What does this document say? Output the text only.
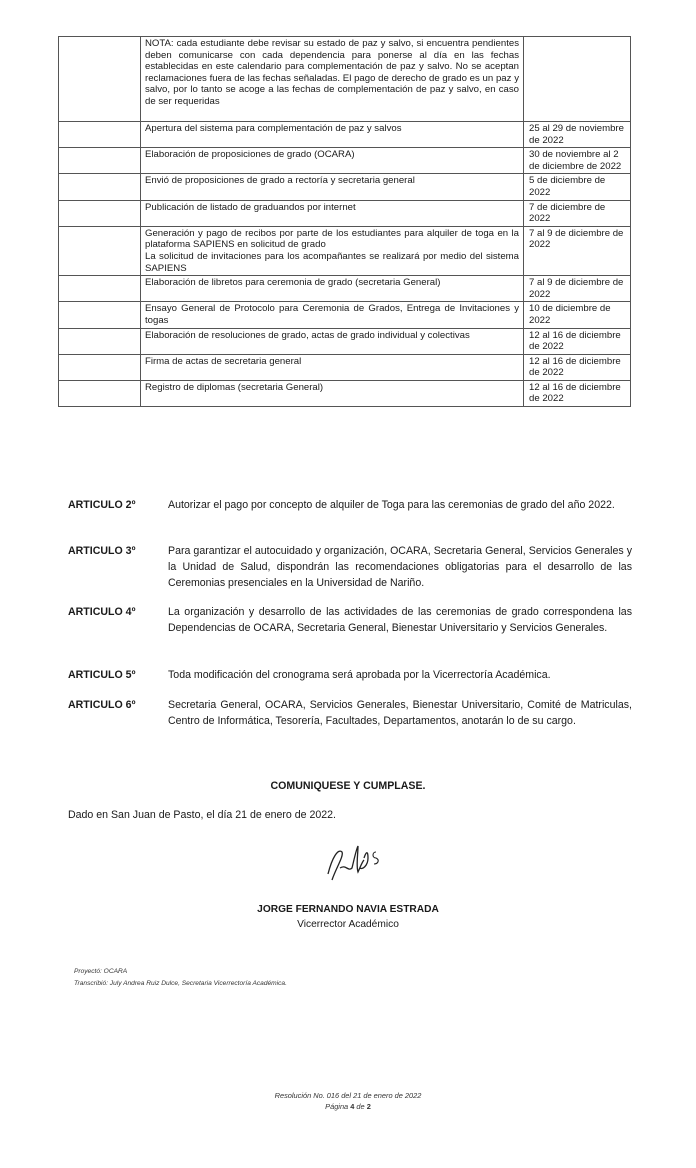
	NOTA: cada estudiante debe revisar su estado de paz y salvo, si encuentra pendientes deben comunicarse con cada dependencia para ponerse al día en las fechas establecidas en este calendario para complementación de paz y salvo. No se aceptan reclamaciones fuera de las fechas señaladas. El pago de derecho de grado es un paz y salvo, por lo tanto se acoge a las fechas de complementación de paz y salvo, en caso de ser requeridas	

	Apertura del sistema para complementación de paz y salvos	25 al 29 de noviembre de 2022

	Elaboración de proposiciones de grado (OCARA)	30 de noviembre al 2 de diciembre de 2022

	Envió de proposiciones de grado a rectoría y secretaria general	5 de diciembre de 2022

	Publicación de listado de graduandos por internet	7 de diciembre de 2022

	Generación y pago de recibos por parte de los estudiantes para alquiler de toga en la plataforma SAPIENS en solicitud de grado
La solicitud de invitaciones para los acompañantes se realizará por medio del sistema SAPIENS	7 al 9 de diciembre de 2022

	Elaboración de libretos para ceremonia de grado (secretaria General)	7 al 9 de diciembre de 2022

	Ensayo General de Protocolo para Ceremonia de Grados, Entrega de Invitaciones y togas	10 de diciembre de 2022

	Elaboración de resoluciones de grado, actas de grado individual y colectivas	12 al 16 de diciembre de 2022

	Firma de actas de secretaria general	12 al 16 de diciembre de 2022

	Registro de diplomas (secretaria General)	12 al 16 de diciembre de 2022
ARTICULO 2º	Autorizar el pago por concepto de alquiler de Toga para las ceremonias de grado del año 2022.
ARTICULO 3º	Para garantizar el autocuidado y organización, OCARA, Secretaria General, Servicios Generales y la Unidad de Salud, dispondrán las recomendaciones obligatorias para el desarrollo de las Ceremonias presenciales en la Universidad de Nariño.
ARTICULO 4º	La organización y desarrollo de las actividades de las ceremonias de grado correspondena las Dependencias de OCARA, Secretaria General, Bienestar Universitario y Servicios Generales.
ARTICULO 5º	Toda modificación del cronograma será aprobada por la Vicerrectoría Académica.
ARTICULO 6º	Secretaria General, OCARA, Servicios Generales, Bienestar Universitario, Comité de Matriculas, Centro de Informática, Tesorería, Facultades, Departamentos, anotarán lo de su cargo.
COMUNIQUESE Y CUMPLASE.
Dado en San Juan de Pasto, el día 21 de enero de 2022.
JORGE FERNANDO NAVIA ESTRADA
Vicerrector Académico
Proyectó: OCARA
Transcribió: July Andrea Ruiz Dulce, Secretaria Vicerrectoría Académica.
Resolución No. 016 del 21 de enero de 2022
Página 4 de 2
